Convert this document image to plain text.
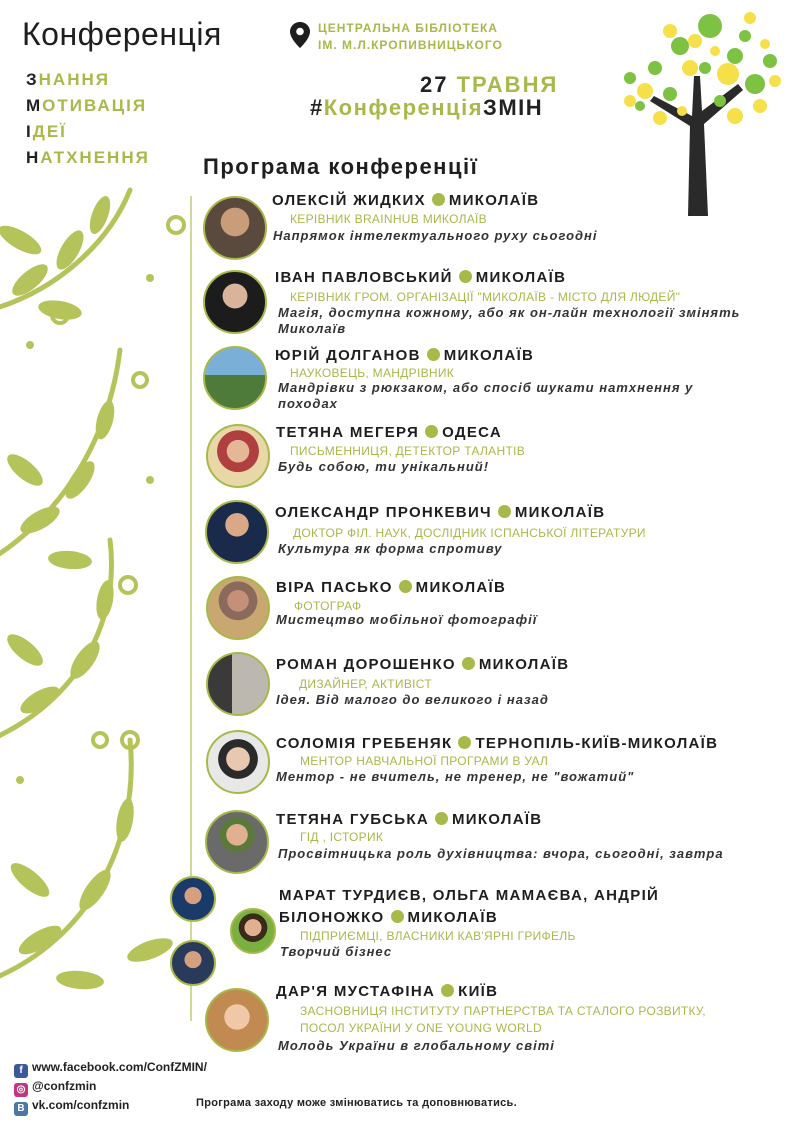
Конференція
ЗНАННЯ
МОТИВАЦІЯ
ІДЕЇ
НАТХНЕННЯ
ЦЕНТРАЛЬНА БІБЛІОТЕКА
ІМ. М.Л.КРОПИВНИЦЬКОГО
27 ТРАВНЯ
#КонференціяЗМІН
Програма конференції
ОЛЕКСІЙ ЖИДКИХ МИКОЛАЇВ
КЕРІВНИК BRAINHUB МИКОЛАЇВ
Напрямок інтелектуального руху сьогодні
ІВАН ПАВЛОВСЬКИЙ МИКОЛАЇВ
КЕРІВНИК ГРОМ. ОРГАНІЗАЦІЇ "МИКОЛАЇВ - МІСТО ДЛЯ ЛЮДЕЙ"
Магія, доступна кожному, або як он-лайн технології змінять Миколаїв
ЮРІЙ ДОЛГАНОВ МИКОЛАЇВ
НАУКОВЕЦЬ, МАНДРІВНИК
Мандрівки з рюкзаком, або спосіб шукати натхнення у походах
ТЕТЯНА МЕГЕРЯ ОДЕСА
ПИСЬМЕННИЦЯ, ДЕТЕКТОР ТАЛАНТІВ
Будь собою, ти унікальний!
ОЛЕКСАНДР ПРОНКЕВИЧ МИКОЛАЇВ
ДОКТОР ФІЛ. НАУК, ДОСЛІДНИК ІСПАНСЬКОЇ ЛІТЕРАТУРИ
Культура як форма спротиву
ВІРА ПАСЬКО МИКОЛАЇВ
ФОТОГРАФ
Мистецтво мобільної фотографії
РОМАН ДОРОШЕНКО МИКОЛАЇВ
ДИЗАЙНЕР, АКТИВІСТ
Ідея. Від малого до великого і назад
СОЛОМІЯ ГРЕБЕНЯК ТЕРНОПІЛЬ-КИЇВ-МИКОЛАЇВ
МЕНТОР НАВЧАЛЬНОЇ ПРОГРАМИ В УАЛ
Ментор - не вчитель, не тренер, не "вожатий"
ТЕТЯНА ГУБСЬКА МИКОЛАЇВ
ГІД , ІСТОРИК
Просвітницька роль духівництва: вчора, сьогодні, завтра
МАРАТ ТУРДИЄВ, ОЛЬГА МАМАЄВА, АНДРІЙ
БІЛОНОЖКО МИКОЛАЇВ
ПІДПРИЄМЦІ, ВЛАСНИКИ КАВ'ЯРНІ ГРИФЕЛЬ
Творчий бізнес
ДАР'Я МУСТАФІНА КИЇВ
ЗАСНОВНИЦЯ ІНСТИТУТУ ПАРТНЕРСТВА ТА СТАЛОГО РОЗВИТКУ,
ПОСОЛ УКРАЇНИ У ONE YOUNG WORLD
Молодь України в глобальному світі
f www.facebook.com/ConfZMIN/
◎ @confzmin
B vk.com/confzmin	Програма заходу може змінюватись та доповнюватись.
